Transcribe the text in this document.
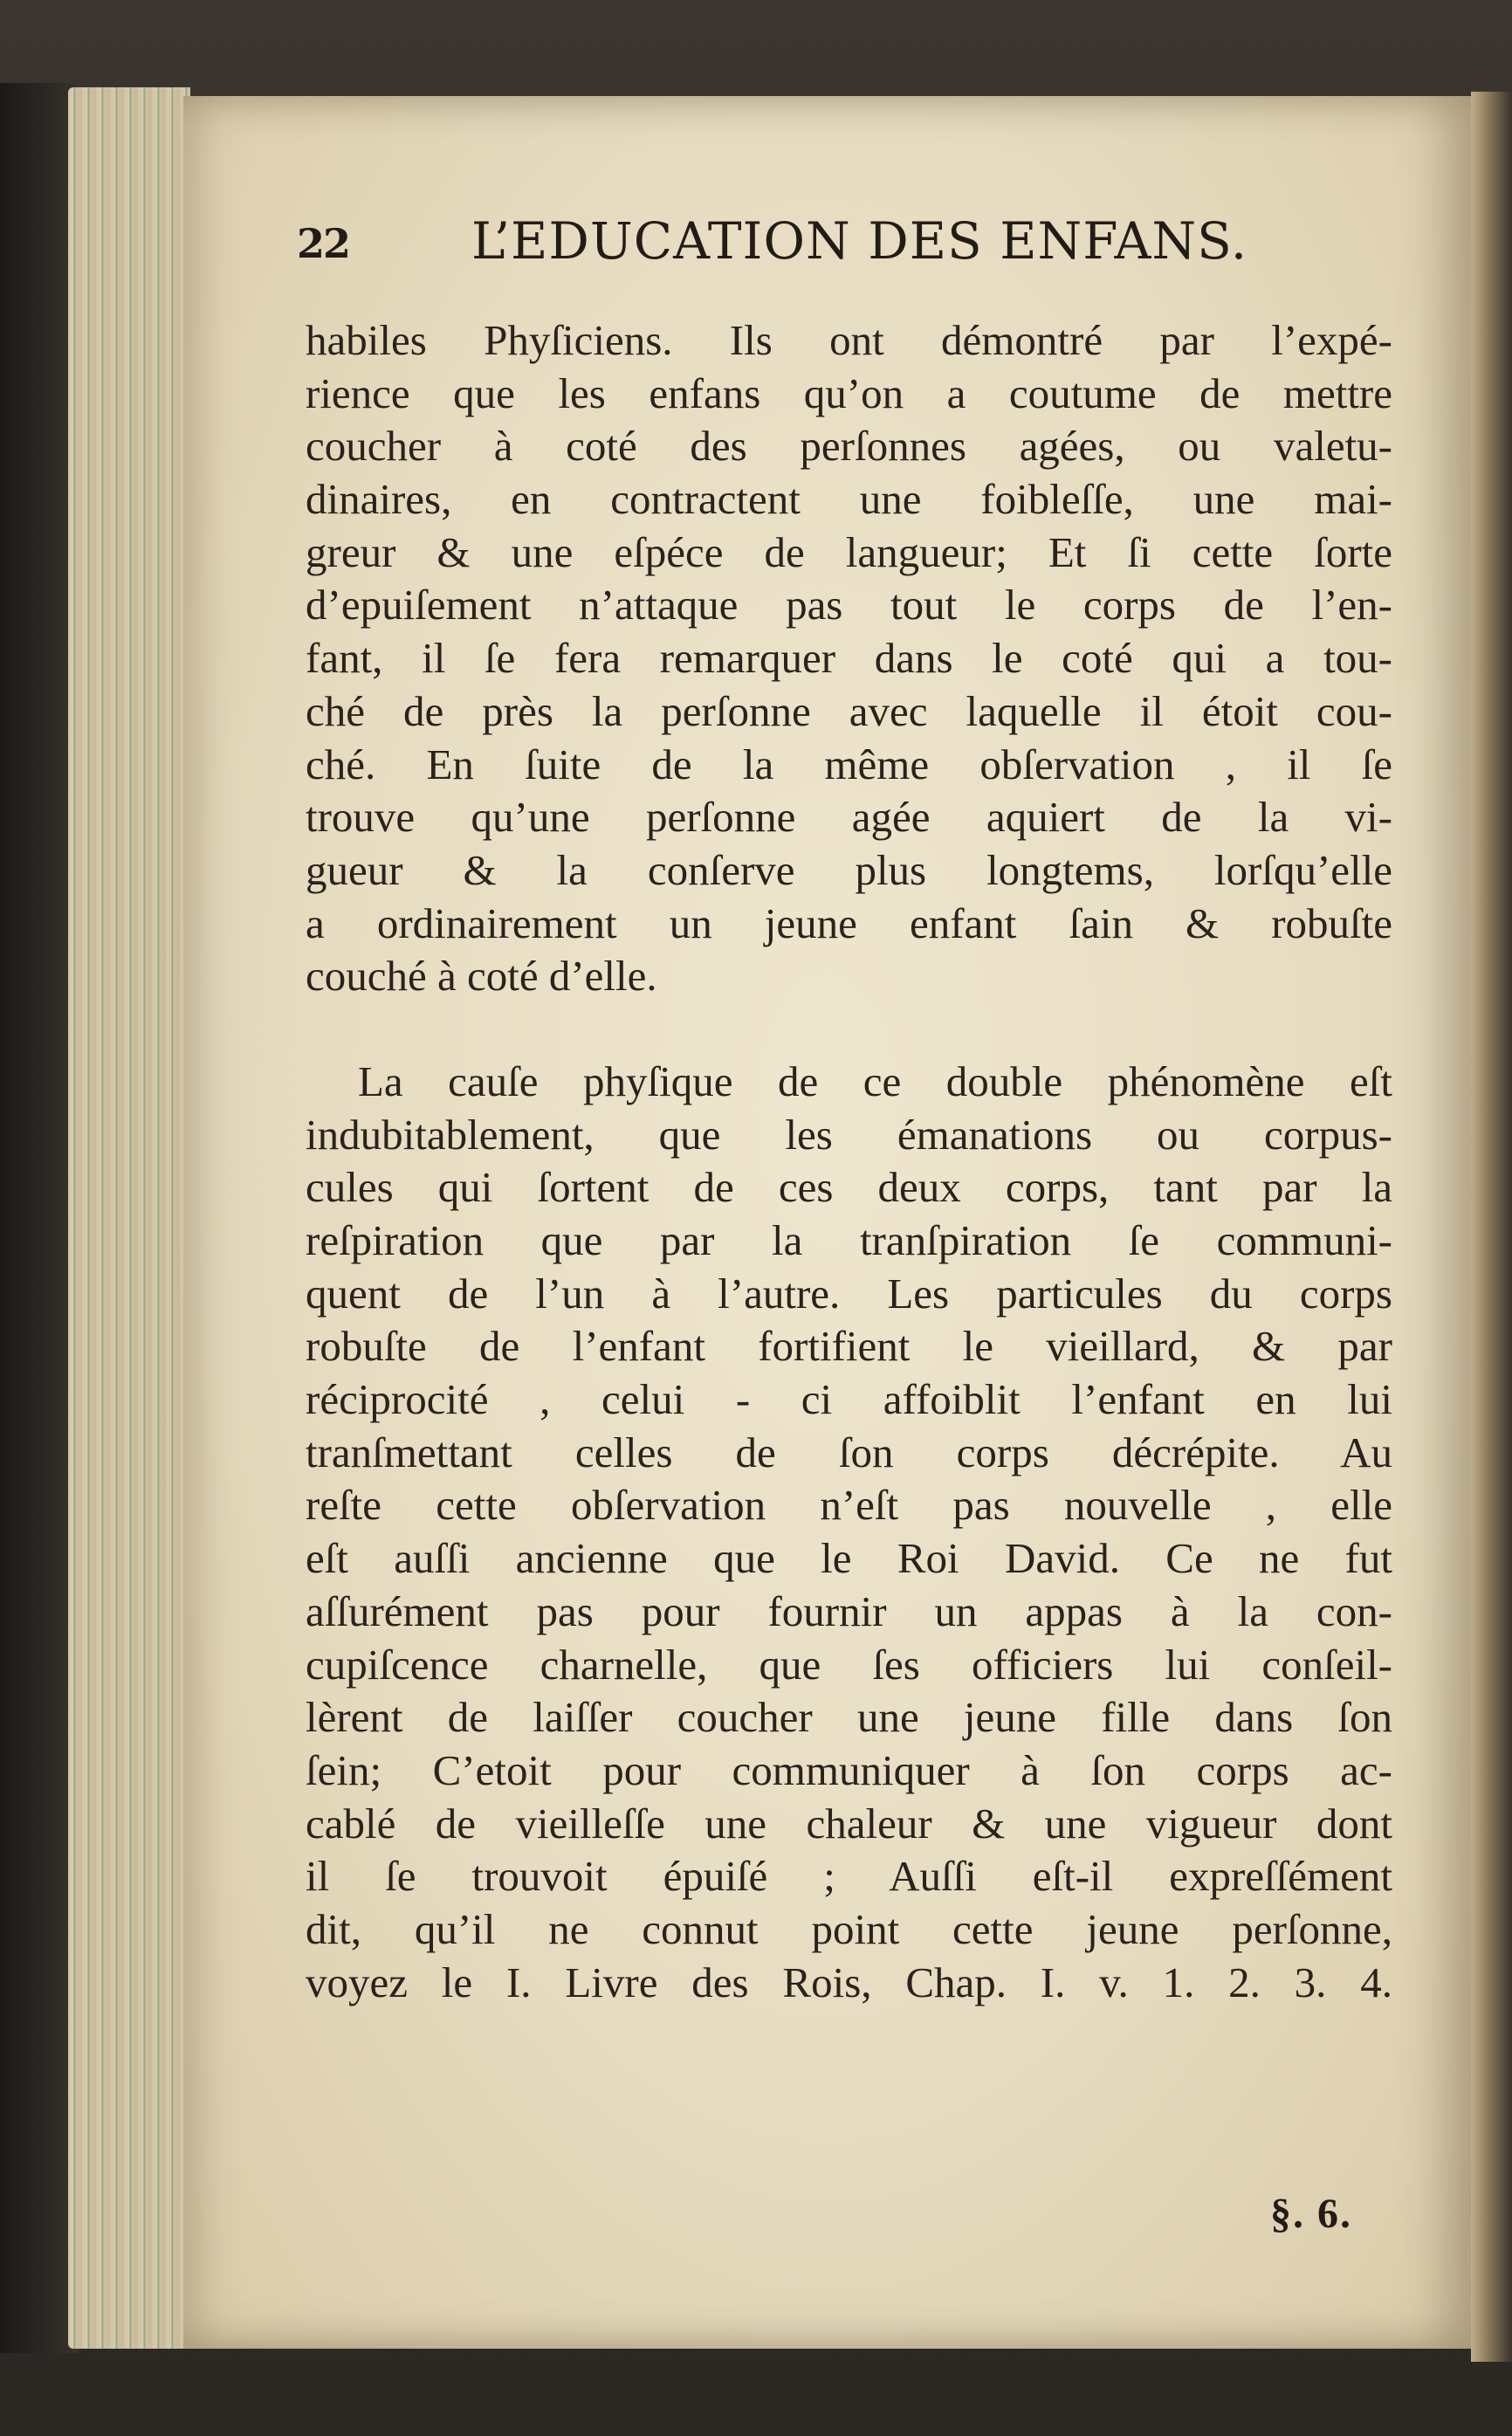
22 L’EDUCATION DES ENFANS.
habiles Phyſiciens. Ils ont démontré par l’expé-
rience que les enfans qu’on a coutume de mettre
coucher à coté des perſonnes agées, ou valetu-
dinaires, en contractent une foibleſſe, une mai-
greur & une eſpéce de langueur; Et ſi cette ſorte
d’epuiſement n’attaque pas tout le corps de l’en-
fant, il ſe fera remarquer dans le coté qui a tou-
ché de près la perſonne avec laquelle il étoit cou-
ché. En ſuite de la même obſervation , il ſe
trouve qu’une perſonne agée aquiert de la vi-
gueur & la conſerve plus longtems, lorſqu’elle
a ordinairement un jeune enfant ſain & robuſte
couché à coté d’elle.
La cauſe phyſique de ce double phénomène eſt
indubitablement, que les émanations ou corpus-
cules qui ſortent de ces deux corps, tant par la
reſpiration que par la tranſpiration ſe communi-
quent de l’un à l’autre. Les particules du corps
robuſte de l’enfant fortifient le vieillard, & par
réciprocité , celui - ci affoiblit l’enfant en lui
tranſmettant celles de ſon corps décrépite. Au
reſte cette obſervation n’eſt pas nouvelle , elle
eſt auſſi ancienne que le Roi David. Ce ne fut
aſſurément pas pour fournir un appas à la con-
cupiſcence charnelle, que ſes officiers lui conſeil-
lèrent de laiſſer coucher une jeune fille dans ſon
ſein; C’etoit pour communiquer à ſon corps ac-
cablé de vieilleſſe une chaleur & une vigueur dont
il ſe trouvoit épuiſé ; Auſſi eſt-il expreſſément
dit, qu’il ne connut point cette jeune perſonne,
voyez le I. Livre des Rois, Chap. I. v. 1. 2. 3. 4.
§. 6.
